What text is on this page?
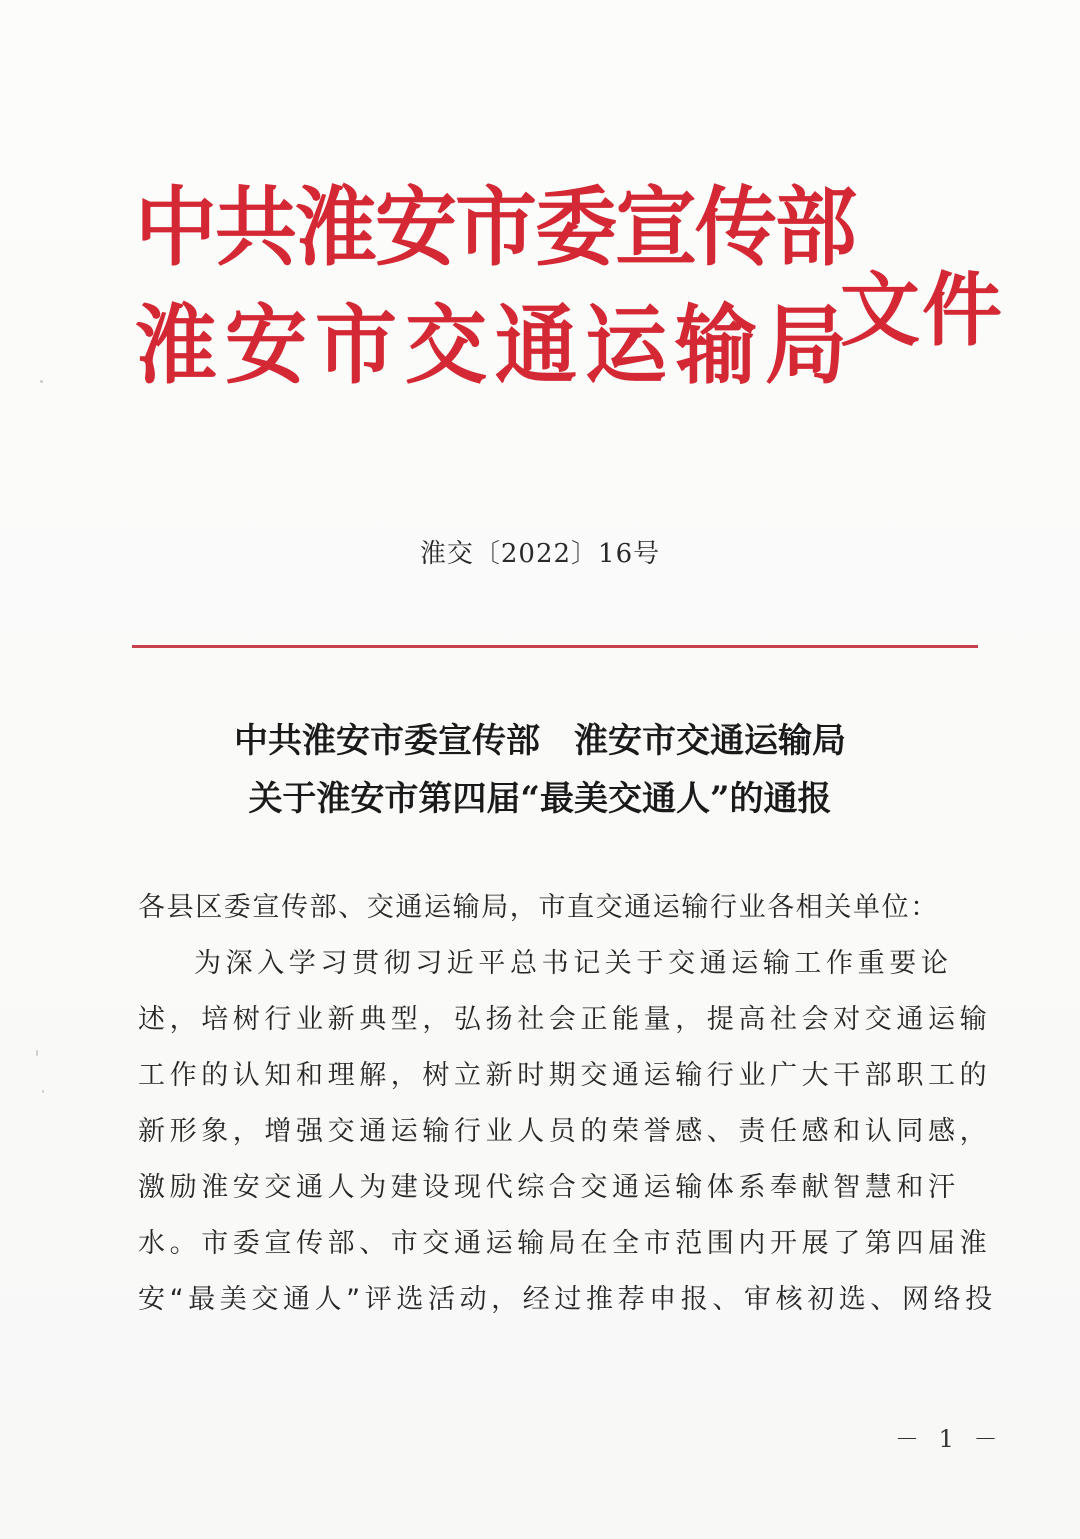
中共淮安市委宣传部
淮安市交通运输局
文件
淮交〔2022〕16号
中共淮安市委宣传部　淮安市交通运输局
关于淮安市第四届“最美交通人”的通报
各县区委宣传部、交通运输局，市直交通运输行业各相关单位：
为深入学习贯彻习近平总书记关于交通运输工作重要论
述，培树行业新典型，弘扬社会正能量，提高社会对交通运输
工作的认知和理解，树立新时期交通运输行业广大干部职工的
新形象，增强交通运输行业人员的荣誉感、责任感和认同感，
激励淮安交通人为建设现代综合交通运输体系奉献智慧和汗
水。市委宣传部、市交通运输局在全市范围内开展了第四届淮
安“最美交通人”评选活动，经过推荐申报、审核初选、网络投
－ 1 －
